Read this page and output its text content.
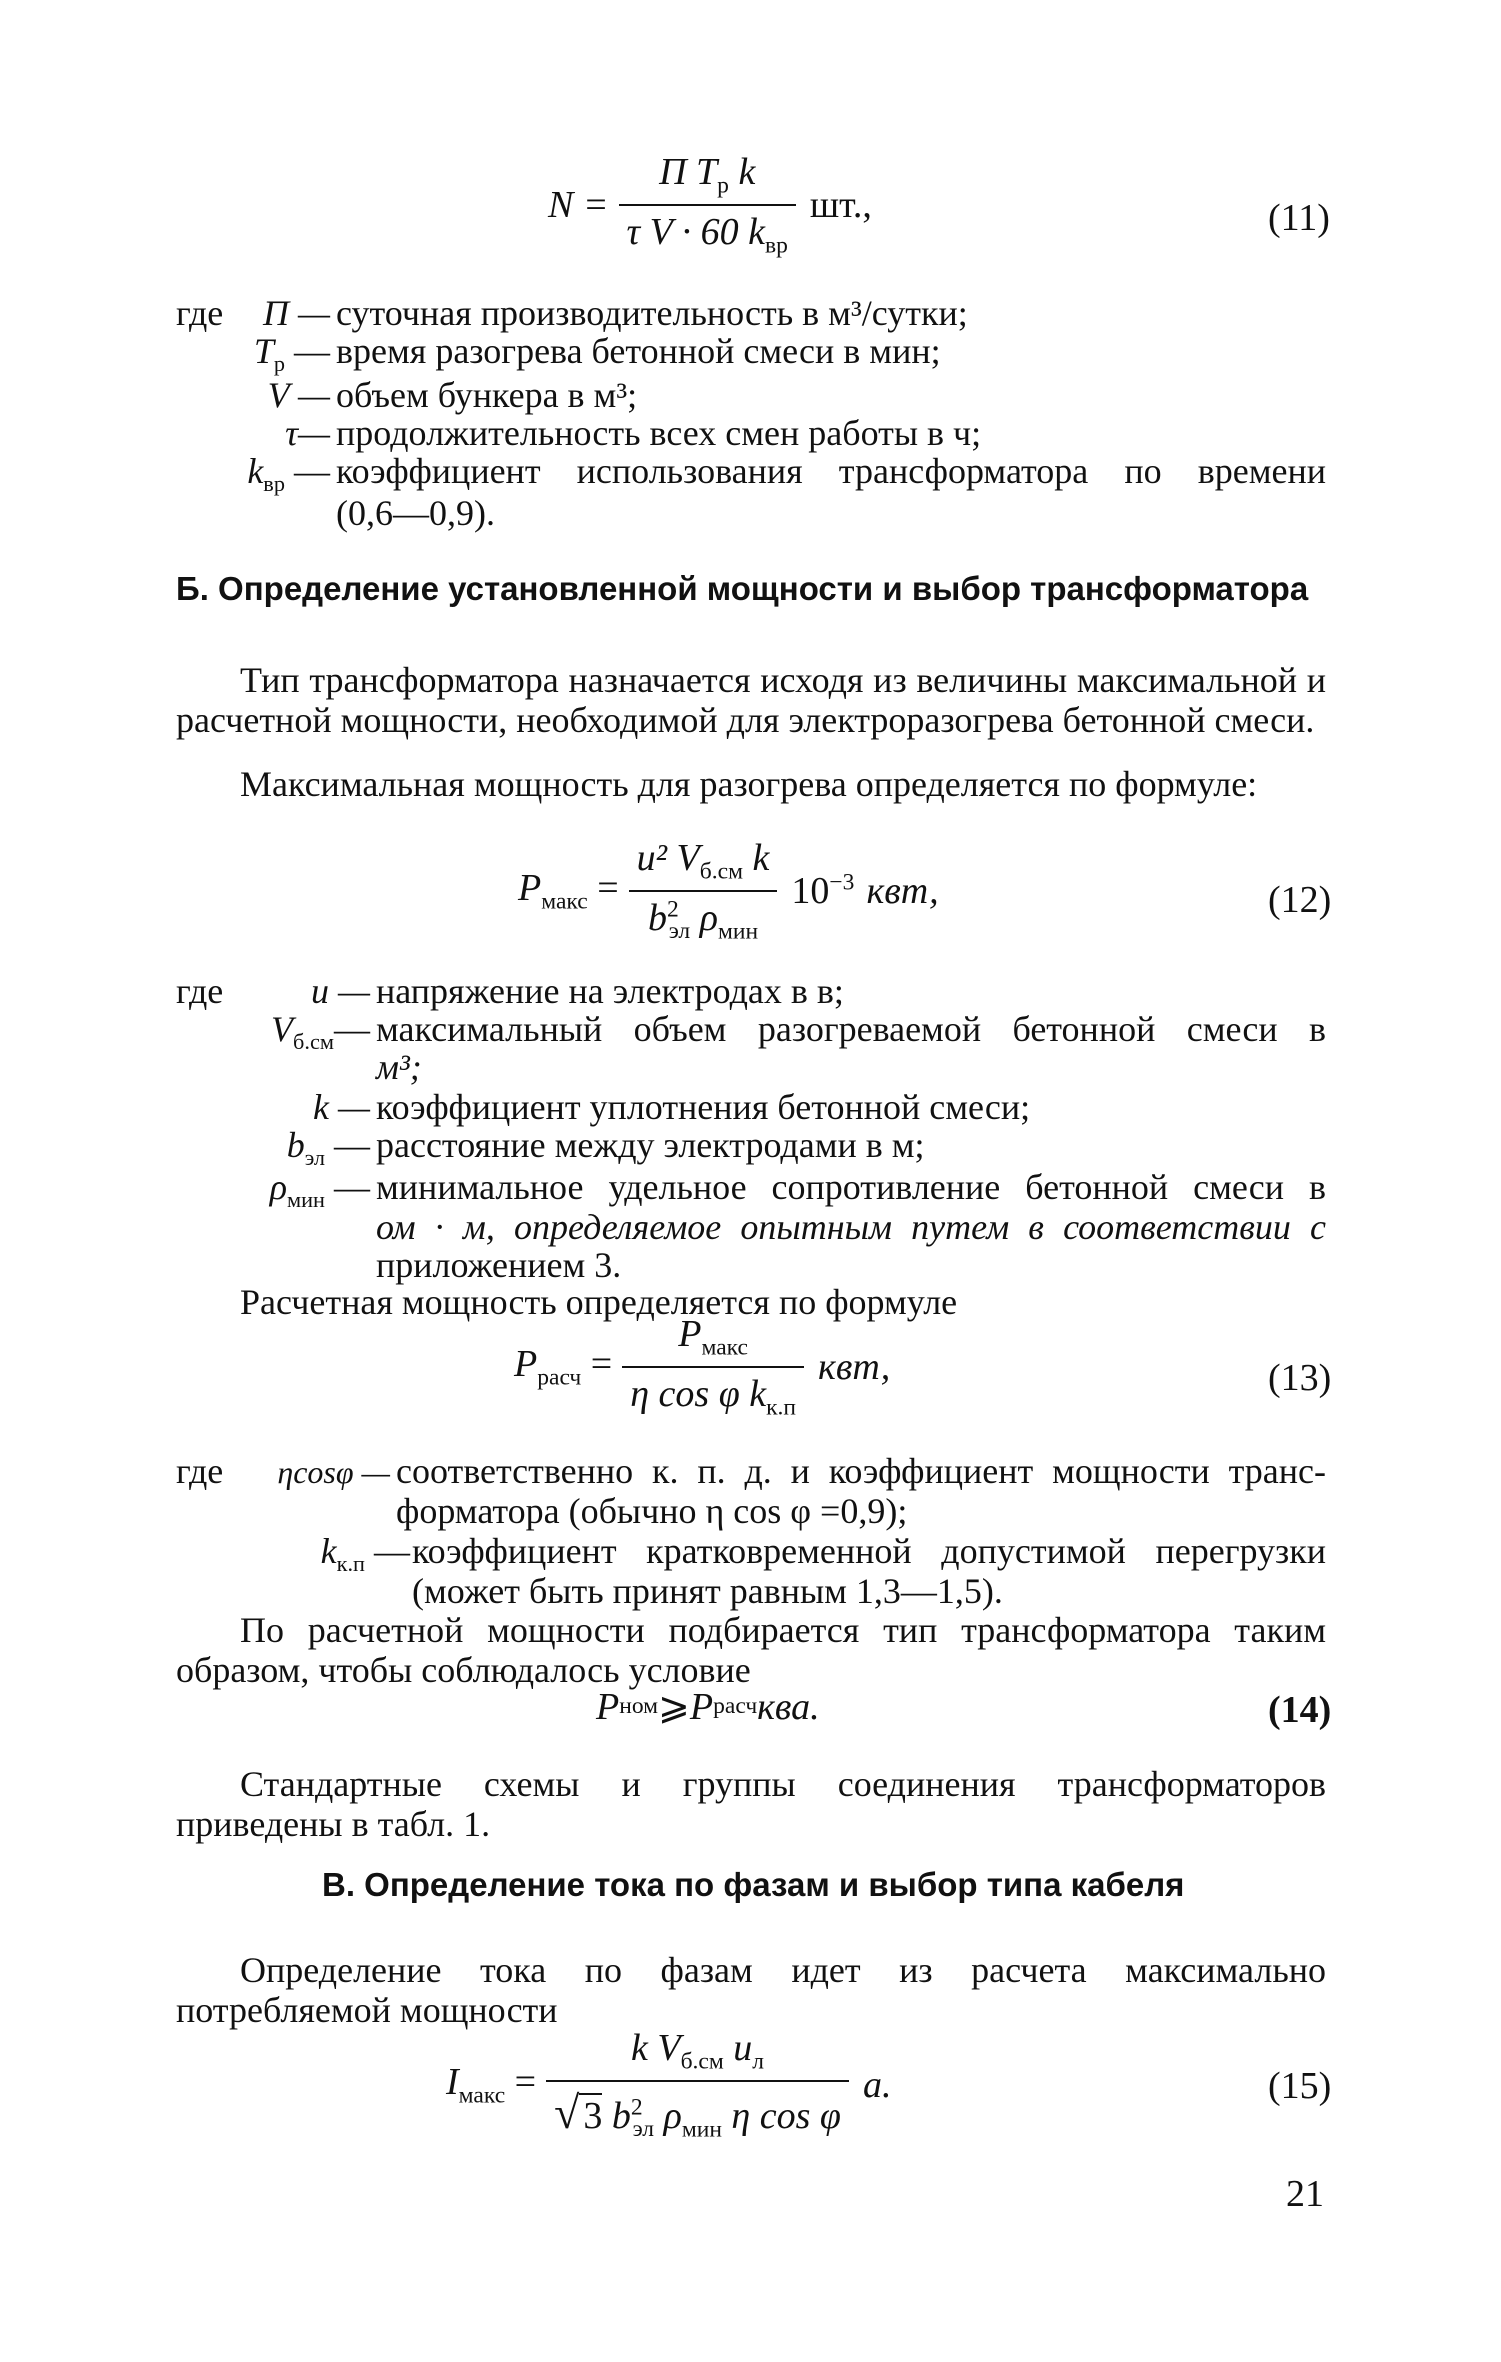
$N = \frac{П T_р k}{\tau V \cdot 60 k_{вр}}$ шт.,	(11)
где	П — суточная производительность в м³/сутки;
$T_р$ — время разогрева бетонной смеси в мин;
V — объем бункера в м³;
τ— продолжительность всех смен работы в ч;
$k_{вр}$ — коэффициент использования трансформатора по времени
(0,6—0,9).
Б. Определение установленной мощности и выбор трансформатора
Тип трансформатора назначается исходя из величины максимальной и расчетной мощности, необходимой для электроразогрева бетонной смеси.
Максимальная мощность для разогрева определяется по формуле:
$P_{макс} = \frac{u^2 V_{б.см} k}{b^2_{эл} \rho_{мин}} 10^{-3}$ квт,	(12)
где	u — напряжение на электродах в в;
$V_{б.см}—$ максимальный объем разогреваемой бетонной смеси в
м³;
k — коэффициент уплотнения бетонной смеси;
$b_{эл}$ — расстояние между электродами в м;
$\rho_{мин}$ — минимальное удельное сопротивление бетонной смеси в
ом · м, определяемое опытным путем в соответствии с
приложением 3.
Расчетная мощность определяется по формуле
$P_{расч} = \frac{P_{макс}}{\eta \cos \varphi k_{к.п}}$ квт,	(13)
где	ηcosφ — соответственно к. п. д. и коэффициент мощности транс-
форматора (обычно η cos φ =0,9);
$k_{к.п}$ — коэффициент кратковременной допустимой перегрузки
(может быть принят равным 1,3—1,5).
По расчетной мощности подбирается тип трансформатора таким образом, чтобы соблюдалось условие
P ном ⩾ P расч ква.	(14)
Стандартные схемы и группы соединения трансформаторов приведены в табл. 1.
В. Определение тока по фазам и выбор типа кабеля
Определение тока по фазам идет из расчета максимально потребляемой мощности
$I_{макс} = \frac{k V_{б.см} u_л}{√ 3 b^2_{эл} \rho_{мин} \eta \cos \varphi} a$.	(15)
21
